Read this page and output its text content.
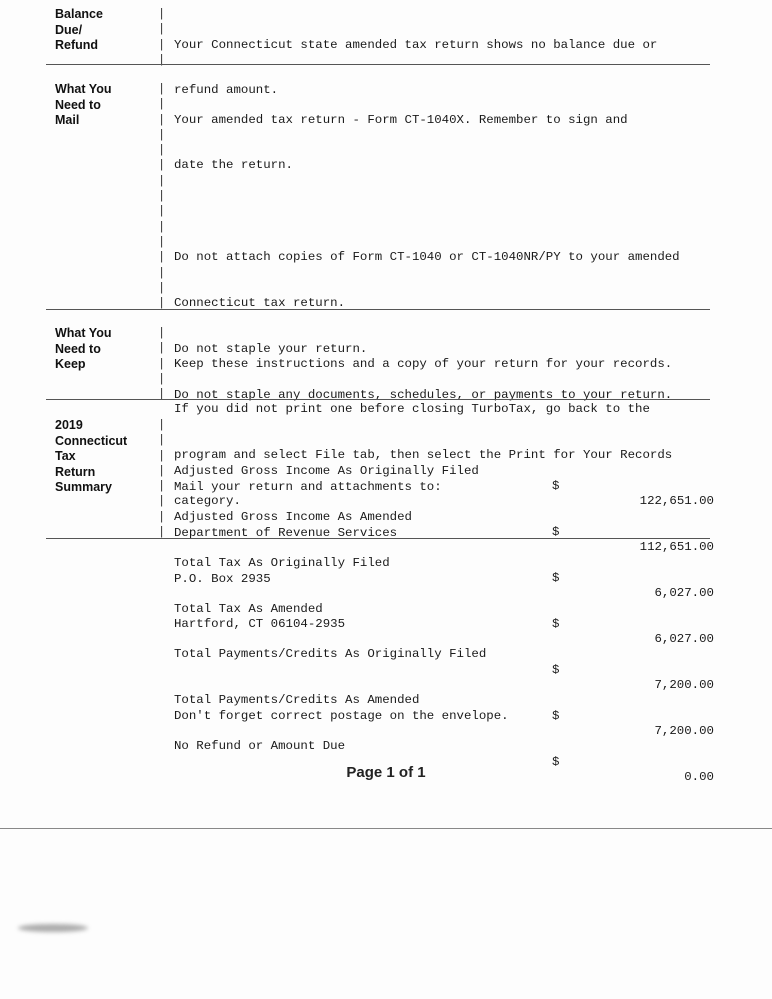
Balance
Due/
Refund
|
|
|
|

Your Connecticut state amended tax return shows no balance due or

refund amount.

What You
Need to
Mail
|
|
|
|
|
|
|
|
|
|
|
|
|
|
|

Your amended tax return - Form CT-1040X. Remember to sign and

date the return.

Do not attach copies of Form CT-1040 or CT-1040NR/PY to your amended

Connecticut tax return.

Do not staple your return.

Do not staple any documents, schedules, or payments to your return.

Mail your return and attachments to:

Department of Revenue Services

P.O. Box 2935

Hartford, CT 06104-2935

Don't forget correct postage on the envelope.

What You
Need to
Keep
|
|
|
|
|

Keep these instructions and a copy of your return for your records.

If you did not print one before closing TurboTax, go back to the

program and select File tab, then select the Print for Your Records

category.

2019
Connecticut
Tax
Return
Summary
|
|
|
|
|
|
|
|

Adjusted Gross Income As Originally Filed

$

122,651.00

Adjusted Gross Income As Amended

$

112,651.00

Total Tax As Originally Filed

$

6,027.00

Total Tax As Amended

$

6,027.00

Total Payments/Credits As Originally Filed

$

7,200.00

Total Payments/Credits As Amended

$

7,200.00

No Refund or Amount Due

$

0.00

Page 1 of 1
